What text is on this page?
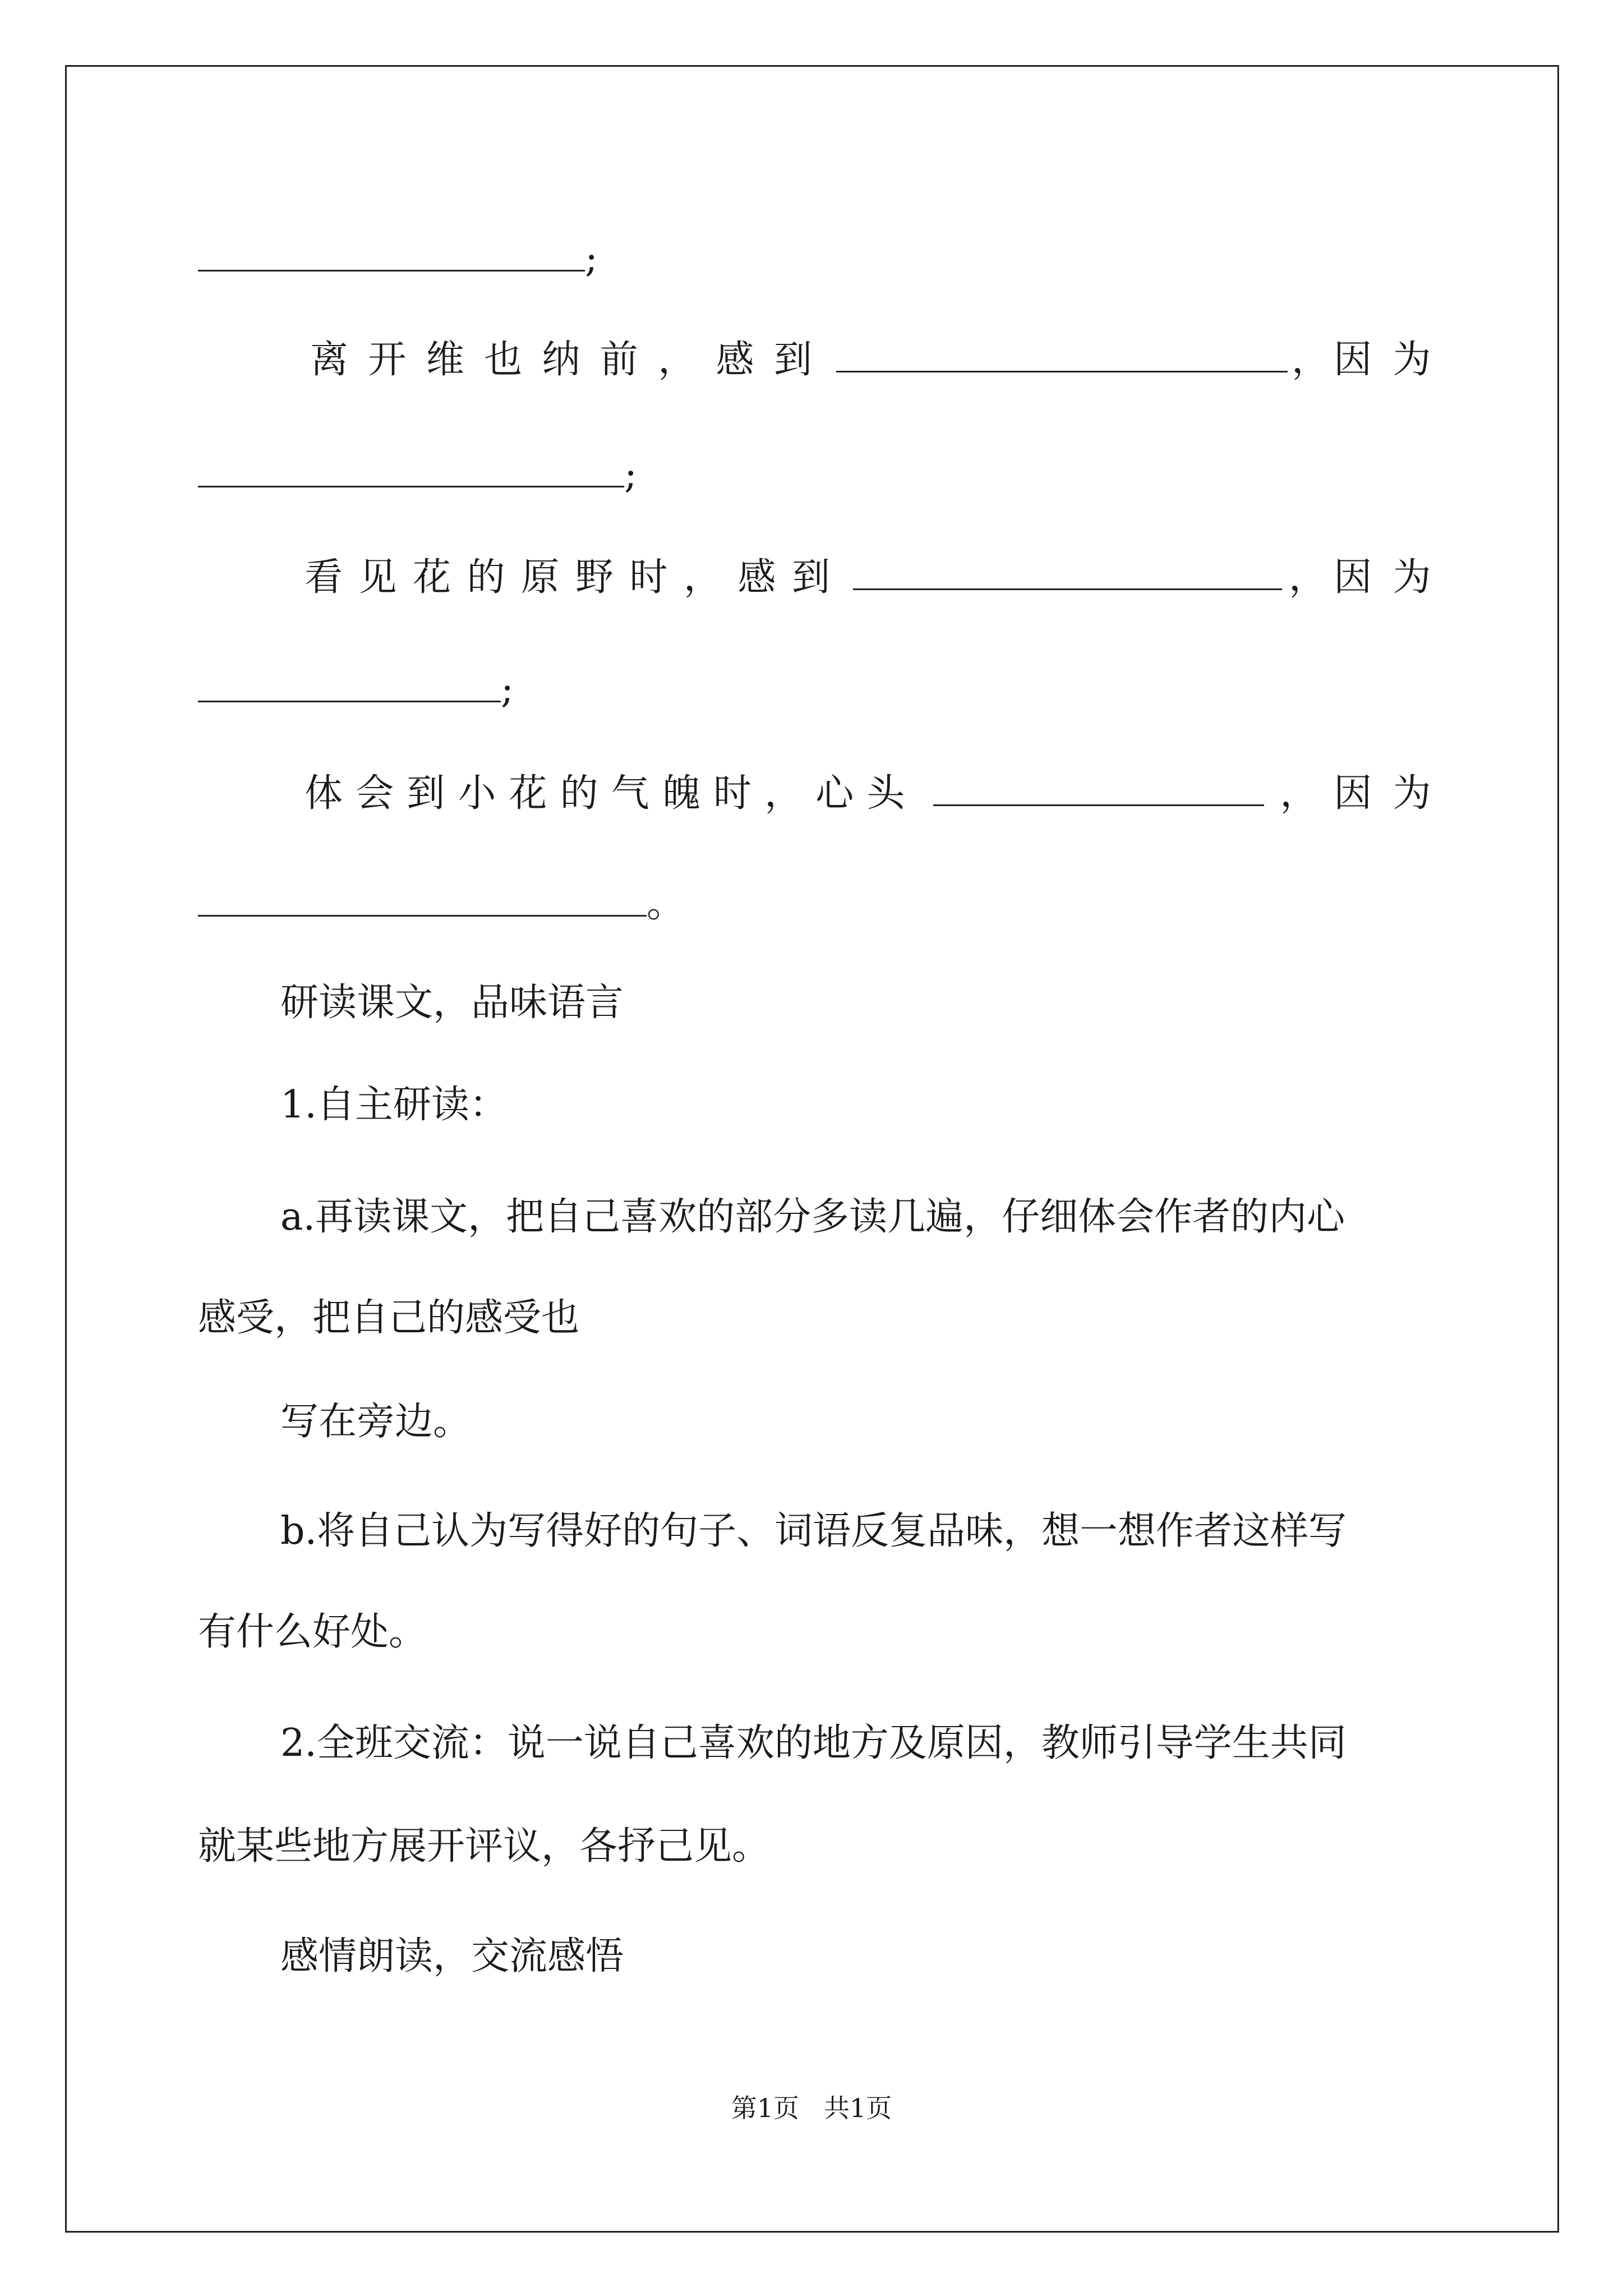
;
离开维也纳前，感到	， 因为
;
看见花的原野时，感到	， 因为
;
体会到小花的气魄时，心头	， 因为
。
研读课文，品味语言
1.自主研读：
a.再读课文，把自己喜欢的部分多读几遍，仔细体会作者的内心
感受，把自己的感受也
写在旁边。
b.将自己认为写得好的句子、词语反复品味，想一想作者这样写
有什么好处。
2.全班交流：说一说自己喜欢的地方及原因，教师引导学生共同
就某些地方展开评议，各抒己见。
感情朗读，交流感悟
第1页 共1页
